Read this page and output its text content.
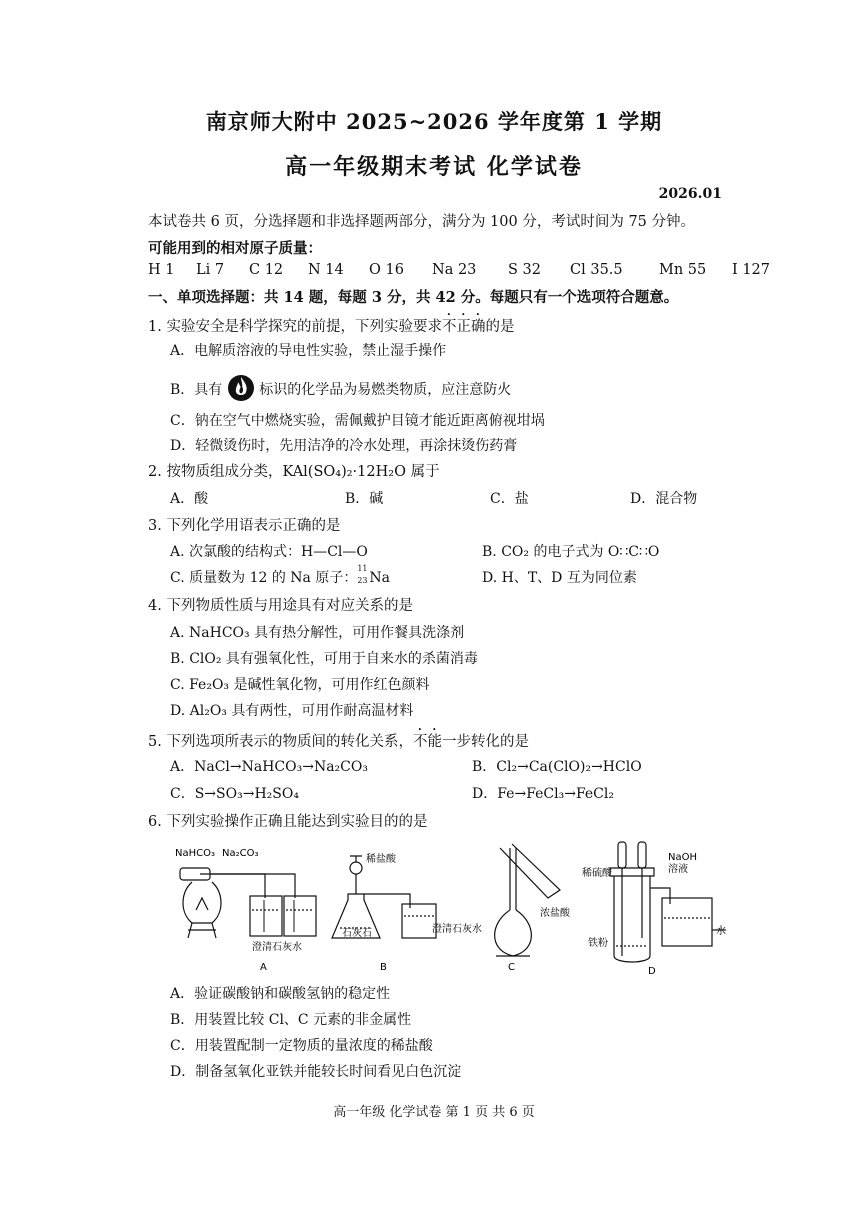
南京师大附中 2025~2026 学年度第 1 学期
高一年级期末考试 化学试卷
2026.01
本试卷共 6 页，分选择题和非选择题两部分，满分为 100 分，考试时间为 75 分钟。
可能用到的相对原子质量：
H 1 Li 7 C 12 N 14 O 16 Na 23 S 32 Cl 35.5	Mn 55 I 127
一、单项选择题：共 14 题，每题 3 分，共 42 分。每题只有一个选项符合题意。
1. 实验安全是科学探究的前提，下列实验要求不正确的是
A．电解质溶液的导电性实验，禁止湿手操作
B．具有	标识的化学品为易燃类物质，应注意防火
C．钠在空气中燃烧实验，需佩戴护目镜才能近距离俯视坩埚
D．轻微烫伤时，先用洁净的冷水处理，再涂抹烫伤药膏
2. 按物质组成分类，KAl(SO₄)₂·12H₂O 属于
A．酸	B．碱	C．盐	D．混合物
3. 下列化学用语表示正确的是
A. 次氯酸的结构式：H—Cl—O	B. CO₂ 的电子式为 O∷C∷O
C. 质量数为 12 的 Na 原子：
11
23 Na	D. H、T、D 互为同位素
4. 下列物质性质与用途具有对应关系的是
A. NaHCO₃ 具有热分解性，可用作餐具洗涤剂
B. ClO₂ 具有强氧化性，可用于自来水的杀菌消毒
C. Fe₂O₃ 是碱性氧化物，可用作红色颜料
D. Al₂O₃ 具有两性，可用作耐高温材料
5. 下列选项所表示的物质间的转化关系，不能一步转化的是
A．NaCl→NaHCO₃→Na₂CO₃	B．Cl₂→Ca(ClO)₂→HClO
C．S→SO₃→H₂SO₄	D．Fe→FeCl₃→FeCl₂
6. 下列实验操作正确且能达到实验目的的是
NaHCO₃ Na₂CO₃
澄清石灰水
A
稀盐酸
石灰石	澄清石灰水
B
浓盐酸
C
稀硫酸
NaOH
溶液
水
铁粉
D
A．验证碳酸钠和碳酸氢钠的稳定性
B．用装置比较 Cl、C 元素的非金属性
C．用装置配制一定物质的量浓度的稀盐酸
D．制备氢氧化亚铁并能较长时间看见白色沉淀
高一年级 化学试卷 第 1 页 共 6 页
